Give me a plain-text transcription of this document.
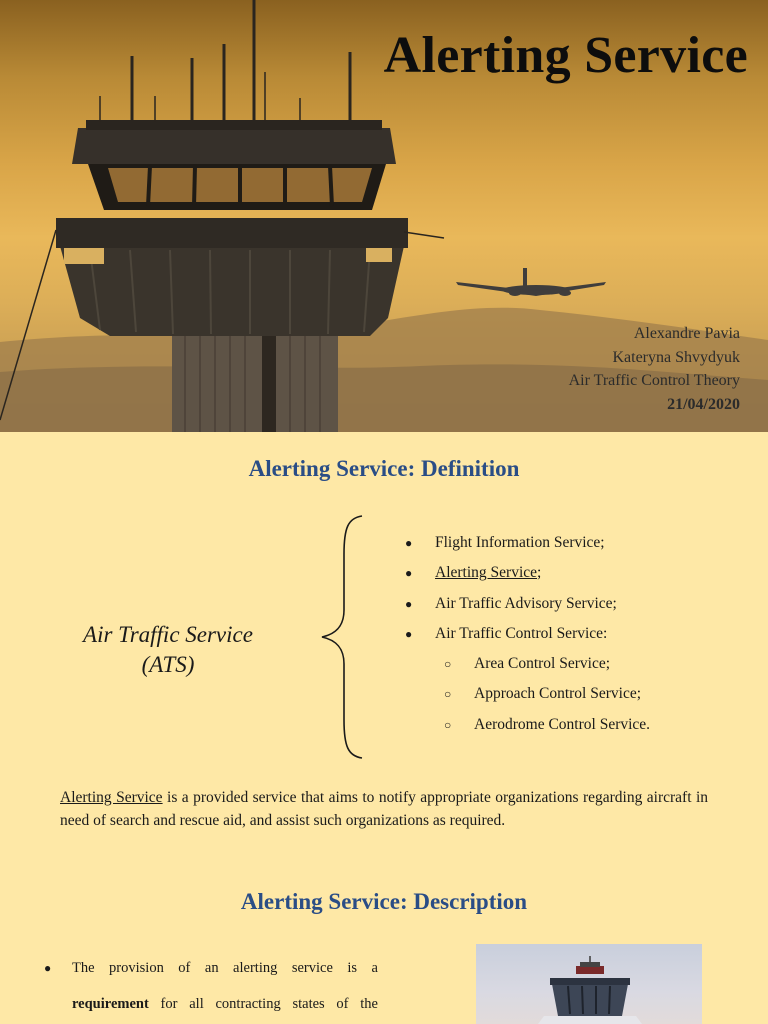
Alerting Service
Alexandre Pavia
Kateryna Shvydyuk
Air Traffic Control Theory
21/04/2020
Alerting Service: Definition
Air Traffic Service
(ATS)
●	Flight Information Service;
●	Alerting Service;
●	Air Traffic Advisory Service;
●	Air Traffic Control Service:
○	Area Control Service;
○	Approach Control Service;
○	Aerodrome Control Service.
Alerting Service is a provided service that aims to notify appropriate organizations regarding aircraft in need of search and rescue aid, and assist such organizations as required.
Alerting Service: Description
●	The provision of an alerting service is a requirement for all contracting states of the
